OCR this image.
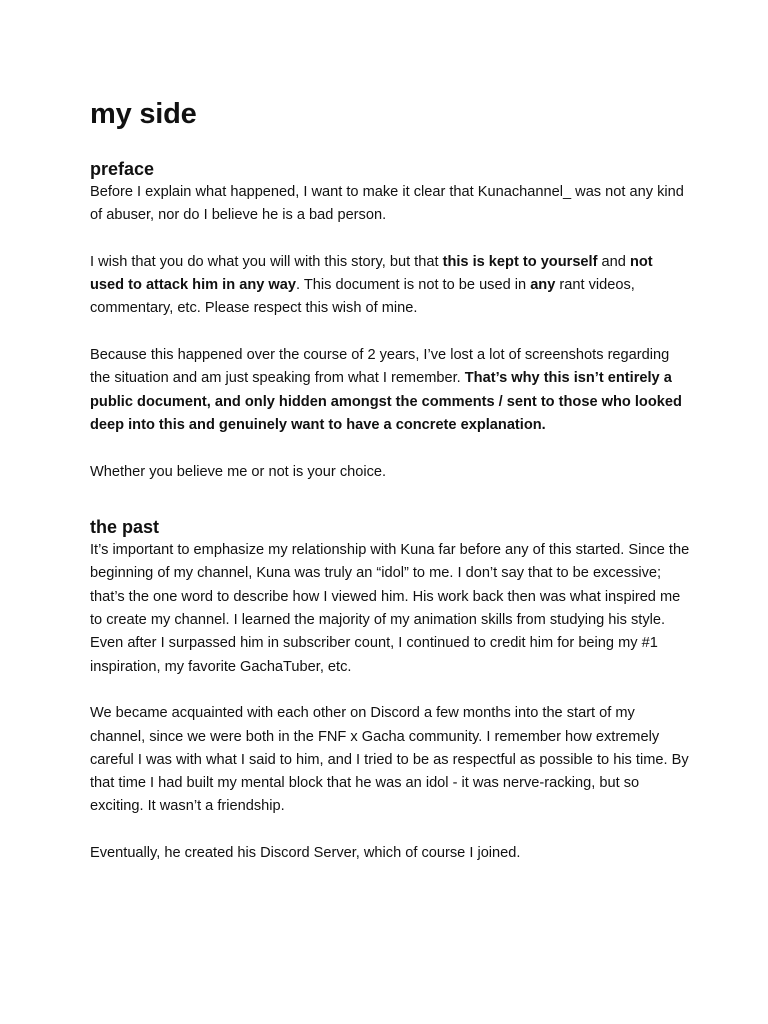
my side
preface

Before I explain what happened, I want to make it clear that Kunachannel_ was not any kind of abuser, nor do I believe he is a bad person.

I wish that you do what you will with this story, but that this is kept to yourself and not used to attack him in any way. This document is not to be used in any rant videos, commentary, etc. Please respect this wish of mine.

Because this happened over the course of 2 years, I’ve lost a lot of screenshots regarding the situation and am just speaking from what I remember. That’s why this isn’t entirely a public document, and only hidden amongst the comments / sent to those who looked deep into this and genuinely want to have a concrete explanation.

Whether you believe me or not is your choice.

the past

It’s important to emphasize my relationship with Kuna far before any of this started. Since the beginning of my channel, Kuna was truly an “idol” to me. I don’t say that to be excessive; that’s the one word to describe how I viewed him. His work back then was what inspired me to create my channel. I learned the majority of my animation skills from studying his style. Even after I surpassed him in subscriber count, I continued to credit him for being my #1 inspiration, my favorite GachaTuber, etc.

We became acquainted with each other on Discord a few months into the start of my channel, since we were both in the FNF x Gacha community. I remember how extremely careful I was with what I said to him, and I tried to be as respectful as possible to his time. By that time I had built my mental block that he was an idol - it was nerve-racking, but so exciting. It wasn’t a friendship.

Eventually, he created his Discord Server, which of course I joined.
